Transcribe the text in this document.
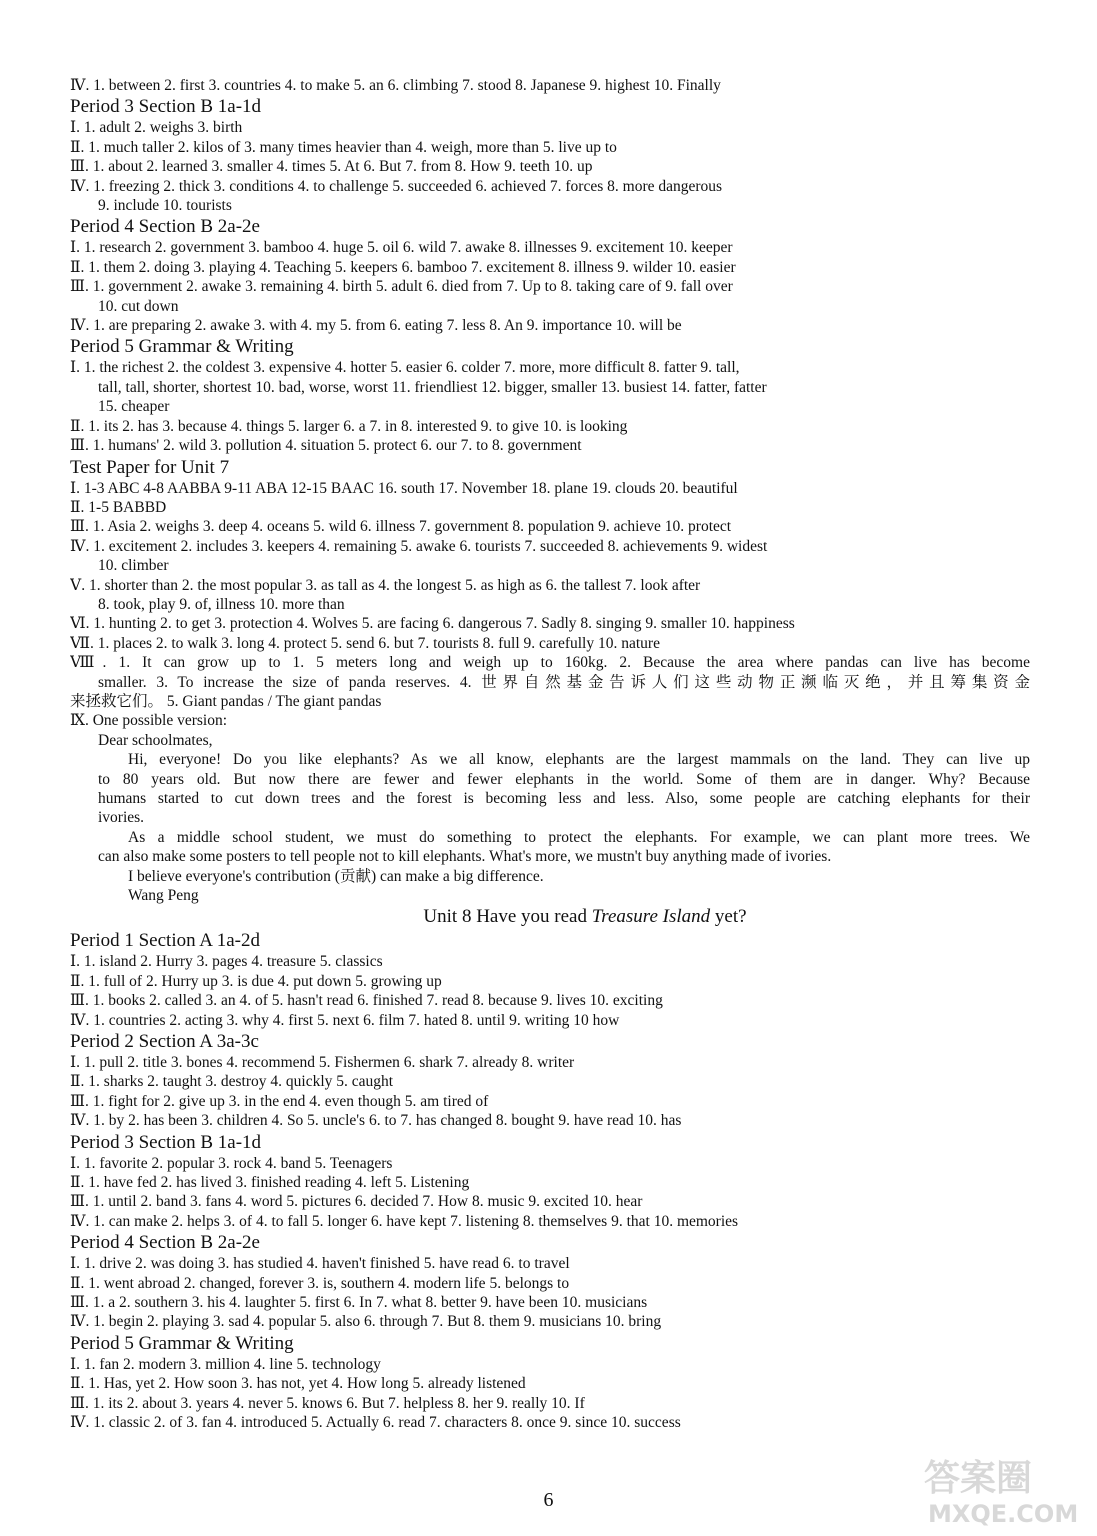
Ⅳ. 1. between 2. first 3. countries 4. to make 5. an 6. climbing 7. stood 8. Japanese 9. highest 10. Finally
Period 3 Section B 1a-1d
Ⅰ. 1. adult 2. weighs 3. birth
Ⅱ. 1. much taller 2. kilos of 3. many times heavier than 4. weigh, more than 5. live up to
Ⅲ. 1. about 2. learned 3. smaller 4. times 5. At 6. But 7. from 8. How 9. teeth 10. up
Ⅳ. 1. freezing 2. thick 3. conditions 4. to challenge 5. succeeded 6. achieved 7. forces 8. more dangerous
9. include 10. tourists
Period 4 Section B 2a-2e
Ⅰ. 1. research 2. government 3. bamboo 4. huge 5. oil 6. wild 7. awake 8. illnesses 9. excitement 10. keeper
Ⅱ. 1. them 2. doing 3. playing 4. Teaching 5. keepers 6. bamboo 7. excitement 8. illness 9. wilder 10. easier
Ⅲ. 1. government 2. awake 3. remaining 4. birth 5. adult 6. died from 7. Up to 8. taking care of 9. fall over
10. cut down
Ⅳ. 1. are preparing 2. awake 3. with 4. my 5. from 6. eating 7. less 8. An 9. importance 10. will be
Period 5 Grammar & Writing
Ⅰ. 1. the richest 2. the coldest 3. expensive 4. hotter 5. easier 6. colder 7. more, more difficult 8. fatter 9. tall,
tall, tall, shorter, shortest 10. bad, worse, worst 11. friendliest 12. bigger, smaller 13. busiest 14. fatter, fatter
15. cheaper
Ⅱ. 1. its 2. has 3. because 4. things 5. larger 6. a 7. in 8. interested 9. to give 10. is looking
Ⅲ. 1. humans' 2. wild 3. pollution 4. situation 5. protect 6. our 7. to 8. government
Test Paper for Unit 7
Ⅰ. 1-3 ABC 4-8 AABBA 9-11 ABA 12-15 BAAC 16. south 17. November 18. plane 19. clouds 20. beautiful
Ⅱ. 1-5 BABBD
Ⅲ. 1. Asia 2. weighs 3. deep 4. oceans 5. wild 6. illness 7. government 8. population 9. achieve 10. protect
Ⅳ. 1. excitement 2. includes 3. keepers 4. remaining 5. awake 6. tourists 7. succeeded 8. achievements 9. widest
10. climber
Ⅴ. 1. shorter than 2. the most popular 3. as tall as 4. the longest 5. as high as 6. the tallest 7. look after
8. took, play 9. of, illness 10. more than
Ⅵ. 1. hunting 2. to get 3. protection 4. Wolves 5. are facing 6. dangerous 7. Sadly 8. singing 9. smaller 10. happiness
Ⅶ. 1. places 2. to walk 3. long 4. protect 5. send 6. but 7. tourists 8. full 9. carefully 10. nature
Ⅷ. 1. It can grow up to 1. 5 meters long and weigh up to 160kg. 2. Because the area where pandas can live has become
smaller. 3. To increase the size of panda reserves. 4. 世界自然基金告诉人们这些动物正濒临灭绝，并且筹集资金
来拯救它们。 5. Giant pandas / The giant pandas
Ⅸ. One possible version:
Dear schoolmates,
Hi, everyone! Do you like elephants? As we all know, elephants are the largest mammals on the land. They can live up
to 80 years old. But now there are fewer and fewer elephants in the world. Some of them are in danger. Why? Because
humans started to cut down trees and the forest is becoming less and less. Also, some people are catching elephants for their
ivories.
As a middle school student, we must do something to protect the elephants. For example, we can plant more trees. We
can also make some posters to tell people not to kill elephants. What's more, we mustn't buy anything made of ivories.
I believe everyone's contribution (贡献) can make a big difference.
Wang Peng
Unit 8 Have you read Treasure Island yet?
Period 1 Section A 1a-2d
Ⅰ. 1. island 2. Hurry 3. pages 4. treasure 5. classics
Ⅱ. 1. full of 2. Hurry up 3. is due 4. put down 5. growing up
Ⅲ. 1. books 2. called 3. an 4. of 5. hasn't read 6. finished 7. read 8. because 9. lives 10. exciting
Ⅳ. 1. countries 2. acting 3. why 4. first 5. next 6. film 7. hated 8. until 9. writing 10 how
Period 2 Section A 3a-3c
Ⅰ. 1. pull 2. title 3. bones 4. recommend 5. Fishermen 6. shark 7. already 8. writer
Ⅱ. 1. sharks 2. taught 3. destroy 4. quickly 5. caught
Ⅲ. 1. fight for 2. give up 3. in the end 4. even though 5. am tired of
Ⅳ. 1. by 2. has been 3. children 4. So 5. uncle's 6. to 7. has changed 8. bought 9. have read 10. has
Period 3 Section B 1a-1d
Ⅰ. 1. favorite 2. popular 3. rock 4. band 5. Teenagers
Ⅱ. 1. have fed 2. has lived 3. finished reading 4. left 5. Listening
Ⅲ. 1. until 2. band 3. fans 4. word 5. pictures 6. decided 7. How 8. music 9. excited 10. hear
Ⅳ. 1. can make 2. helps 3. of 4. to fall 5. longer 6. have kept 7. listening 8. themselves 9. that 10. memories
Period 4 Section B 2a-2e
Ⅰ. 1. drive 2. was doing 3. has studied 4. haven't finished 5. have read 6. to travel
Ⅱ. 1. went abroad 2. changed, forever 3. is, southern 4. modern life 5. belongs to
Ⅲ. 1. a 2. southern 3. his 4. laughter 5. first 6. In 7. what 8. better 9. have been 10. musicians
Ⅳ. 1. begin 2. playing 3. sad 4. popular 5. also 6. through 7. But 8. them 9. musicians 10. bring
Period 5 Grammar & Writing
Ⅰ. 1. fan 2. modern 3. million 4. line 5. technology
Ⅱ. 1. Has, yet 2. How soon 3. has not, yet 4. How long 5. already listened
Ⅲ. 1. its 2. about 3. years 4. never 5. knows 6. But 7. helpless 8. her 9. really 10. If
Ⅳ. 1. classic 2. of 3. fan 4. introduced 5. Actually 6. read 7. characters 8. once 9. since 10. success
6
答案圈
MXQE.COM
